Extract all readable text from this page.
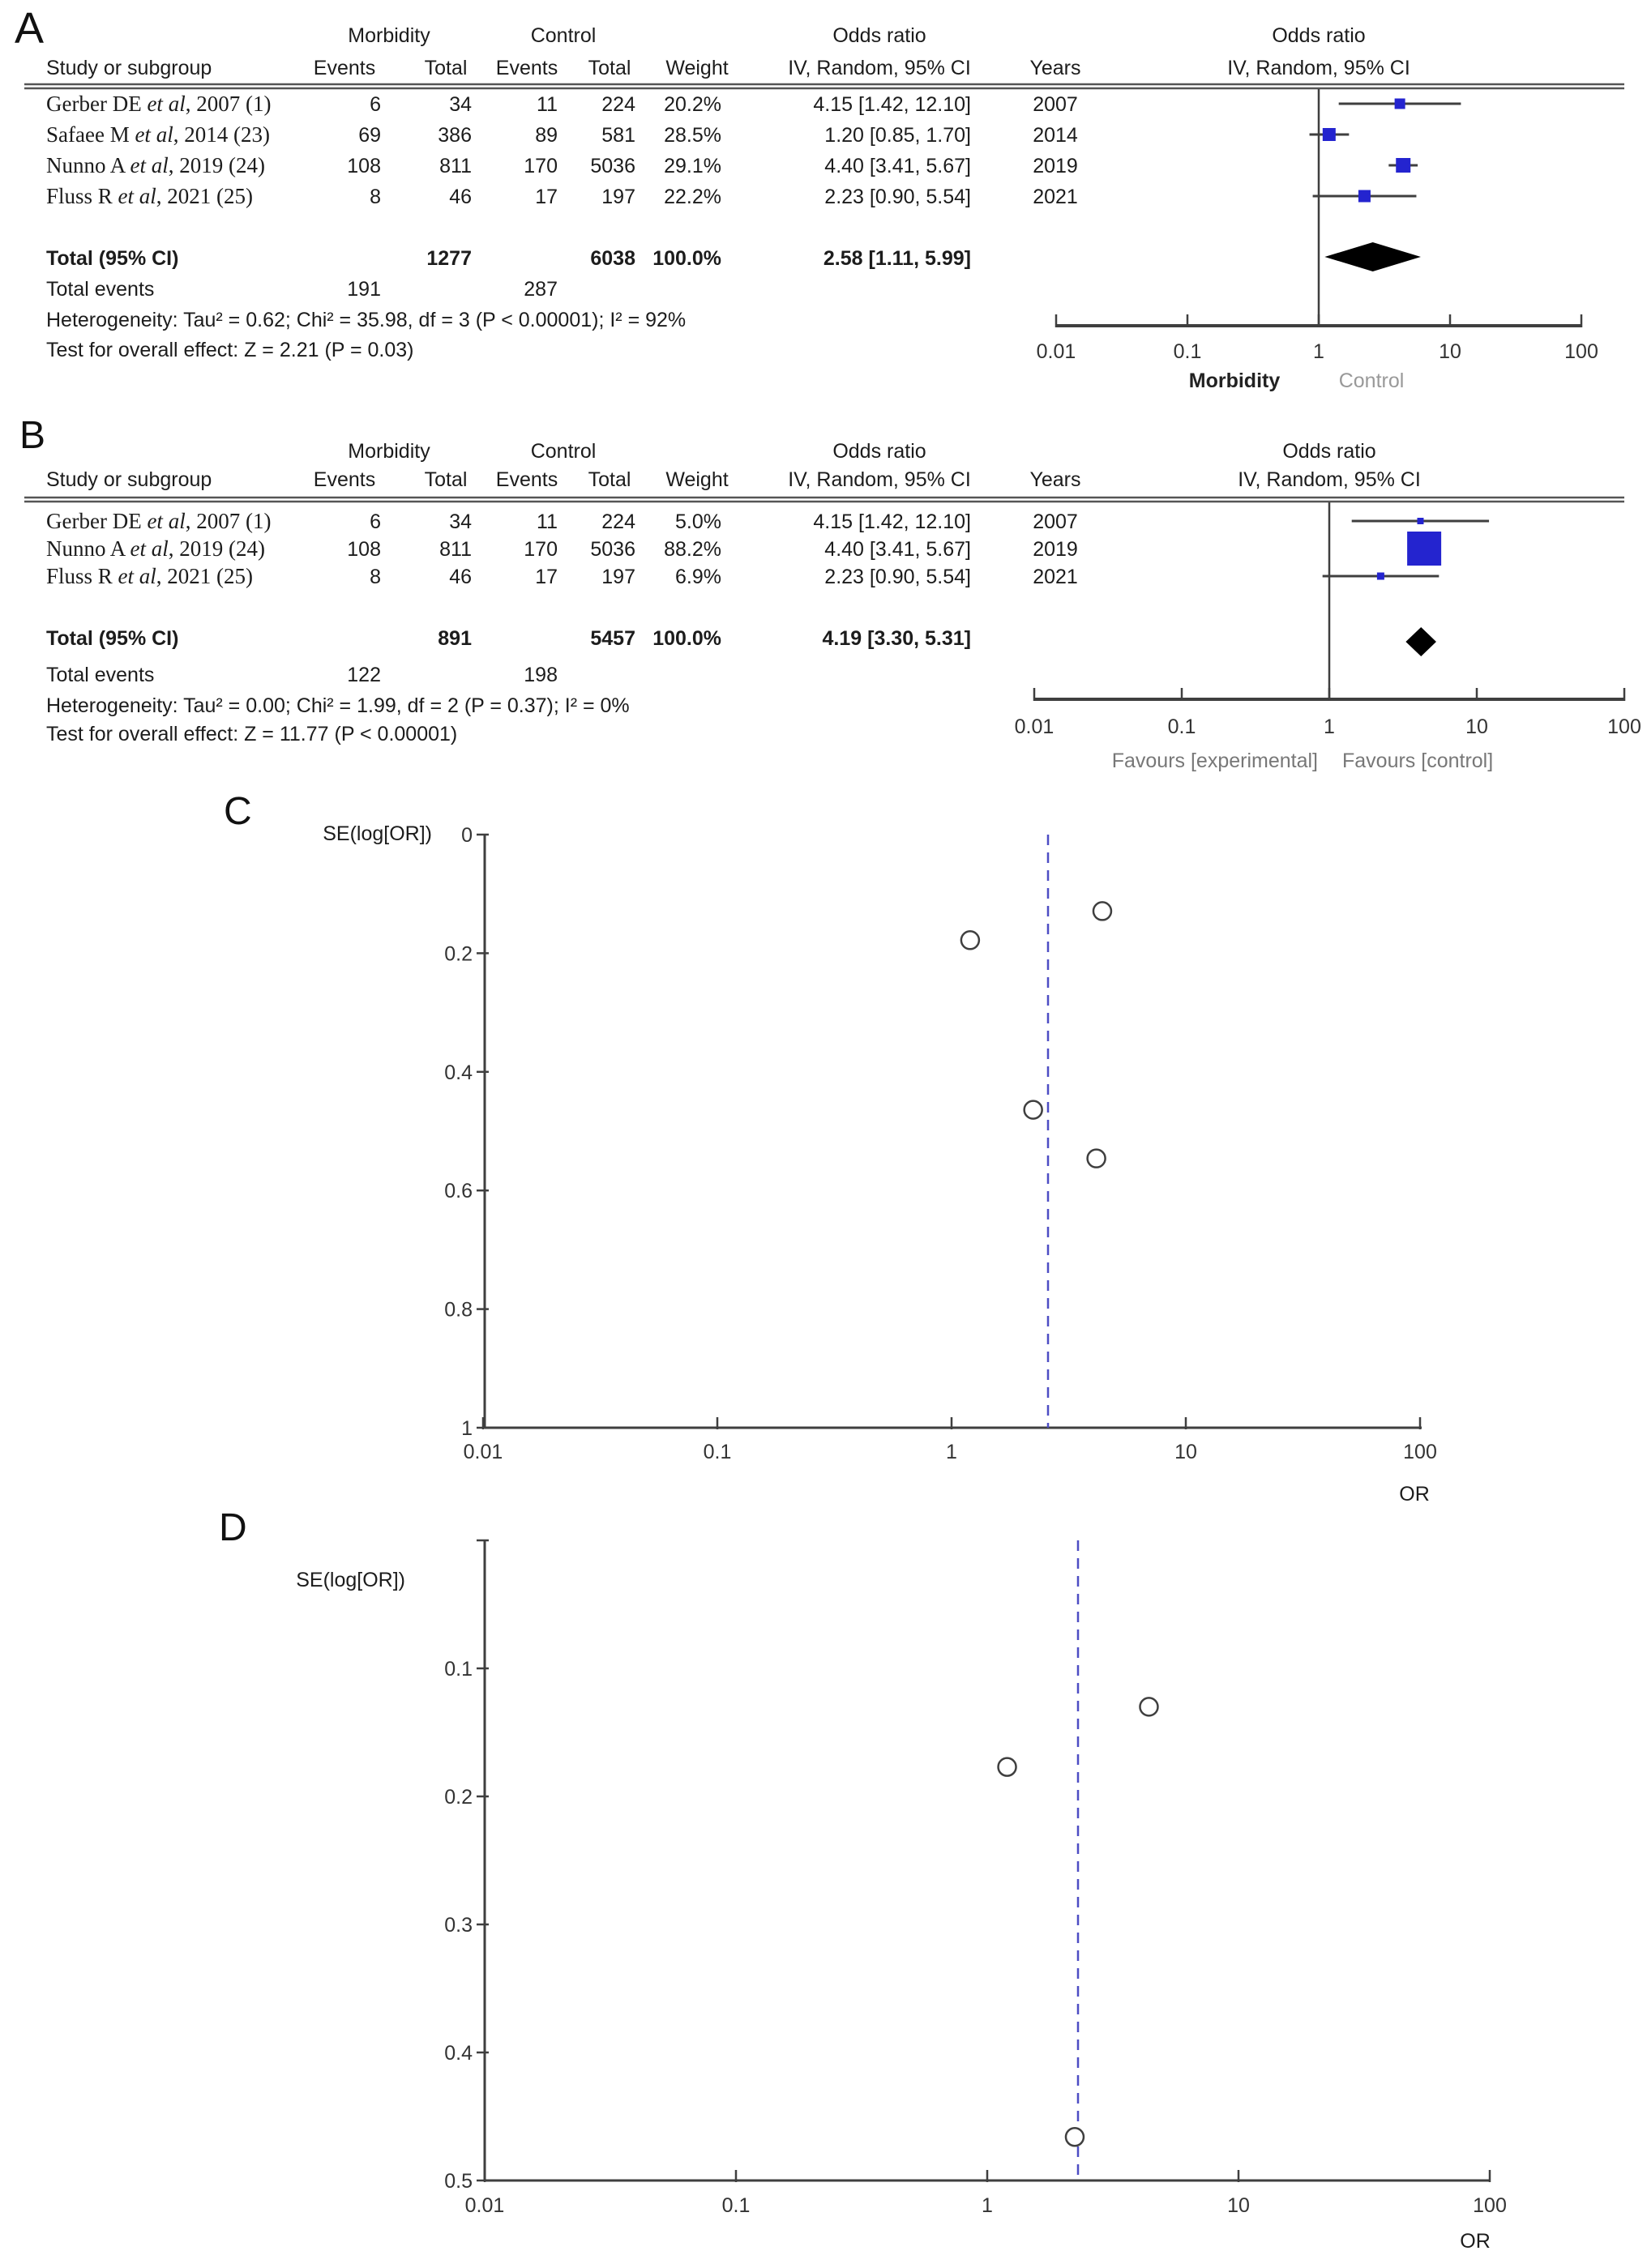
A
B
C
D
Morbidity	Control	Odds ratio	Odds ratio
Study or subgroup	Events Total Events Total Weight	IV, Random, 95% CI	Years	IV, Random, 95% CI
Gerber DE et al, 2007 (1)	6	34	11 224 20.2%	4.15 [1.42, 12.10]	2007
Safaee M et al, 2014 (23)	69	386	89 581 28.5%	1.20 [0.85, 1.70]	2014
Nunno A et al, 2019 (24)	108	811	170 5036 29.1%	4.40 [3.41, 5.67]	2019
Fluss R et al, 2021 (25)	8	46	17 197 22.2%	2.23 [0.90, 5.54]	2021
Total (95% CI)	1277	6038 100.0%	2.58 [1.11, 5.99]
Total events	191	287
Heterogeneity: Tau² = 0.62; Chi² = 35.98, df = 3 (P < 0.00001); I² = 92%
Test for overall effect: Z = 2.21 (P = 0.03)	0.01	0.1	1	10	100
Morbidity	Control
Morbidity	Control	Odds ratio	Odds ratio
Study or subgroup	Events Total Events Total Weight	IV, Random, 95% CI	Years	IV, Random, 95% CI
Gerber DE et al, 2007 (1)	6	34	11 224 5.0%	4.15 [1.42, 12.10]	2007
Nunno A et al, 2019 (24)	108	811	170 5036 88.2%	4.40 [3.41, 5.67]	2019
Fluss R et al, 2021 (25)	8	46	17 197 6.9%	2.23 [0.90, 5.54]	2021
Total (95% CI)	891	5457 100.0%	4.19 [3.30, 5.31]
Total events	122	198
Heterogeneity: Tau² = 0.00; Chi² = 1.99, df = 2 (P = 0.37); I² = 0%
Test for overall effect: Z = 11.77 (P < 0.00001)	0.01	0.1	1	10	100
Favours [experimental] Favours [control]
SE(log[OR]) 0
0.2
0.4
0.6
0.8
1
0.01	0.1	1	10	100
OR
SE(log[OR])
0.1
0.2
0.3
0.4
0.5
0.01	0.1	1	10	100
OR
